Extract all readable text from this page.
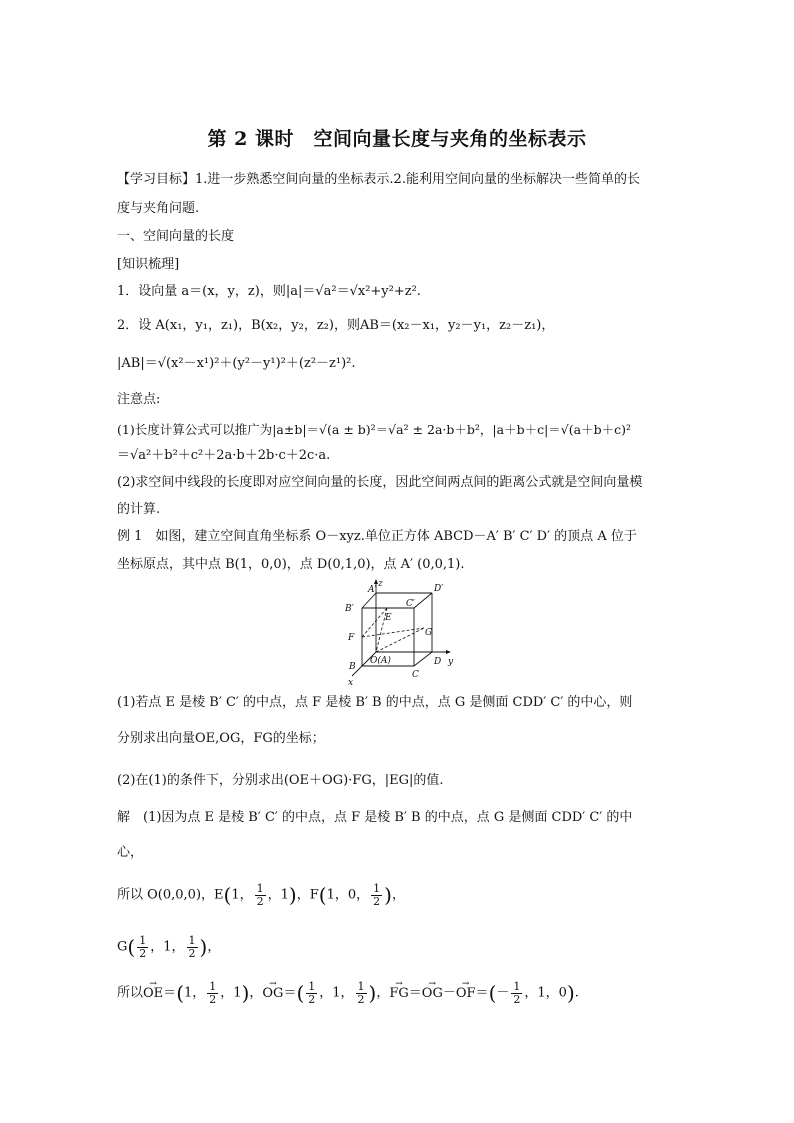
第 2 课时　空间向量长度与夹角的坐标表示
【学习目标】1.进一步熟悉空间向量的坐标表示.2.能利用空间向量的坐标解决一些简单的长
度与夹角问题.
一、空间向量的长度
[知识梳理]
1．设向量 a＝(x，y，z)，则|a|＝√a²＝√x²+y²+z².
2．设 A(x₁，y₁，z₁)，B(x₂，y₂，z₂)，则AB＝(x₂－x₁，y₂－y₁，z₂－z₁)，
|AB|＝√(x²－x¹)²＋(y²－y¹)²＋(z²－z¹)².
注意点:
(1)长度计算公式可以推广为|a±b|＝√(a ± b)²＝√a² ± 2a·b＋b²，|a＋b＋c|＝√(a＋b＋c)²
＝√a²＋b²＋c²＋2a·b＋2b·c＋2c·a.
(2)求空间中线段的长度即对应空间向量的长度，因此空间两点间的距离公式就是空间向量模
的计算.
例 1　如图，建立空间直角坐标系 O－xyz.单位正方体 ABCD－A′ B′ C′ D′ 的顶点 A 位于
坐标原点，其中点 B(1，0,0)，点 D(0,1,0)，点 A′ (0,0,1).
z
A′	D′
B′	C′
E
F	G
B
O(A)
C
D y
x
(1)若点 E 是棱 B′ C′ 的中点，点 F 是棱 B′ B 的中点，点 G 是侧面 CDD′ C′ 的中心，则
分别求出向量OE,OG，FG的坐标；
(2)在(1)的条件下，分别求出(OE＋OG)·FG，|EG|的值.
解　(1)因为点 E 是棱 B′ C′ 的中点，点 F 是棱 B′ B 的中点，点 G 是侧面 CDD′ C′ 的中
心，
所以 O(0,0,0)，E(1， $\frac{1}{2}$ ，1)，F(1，0， $\frac{1}{2}$ )，
$G( \frac{1}{2}$ ，1， $\frac{1}{2}$ )，
所以→ OE＝(1， $\frac{1}{2}$ ，1)，→ $OG=( \frac{1}{2}$ ，1， $\frac{1}{2}$ )，→ $FG=\to OG-\to OF=(- \frac{1}{2}$ ，1，0).
